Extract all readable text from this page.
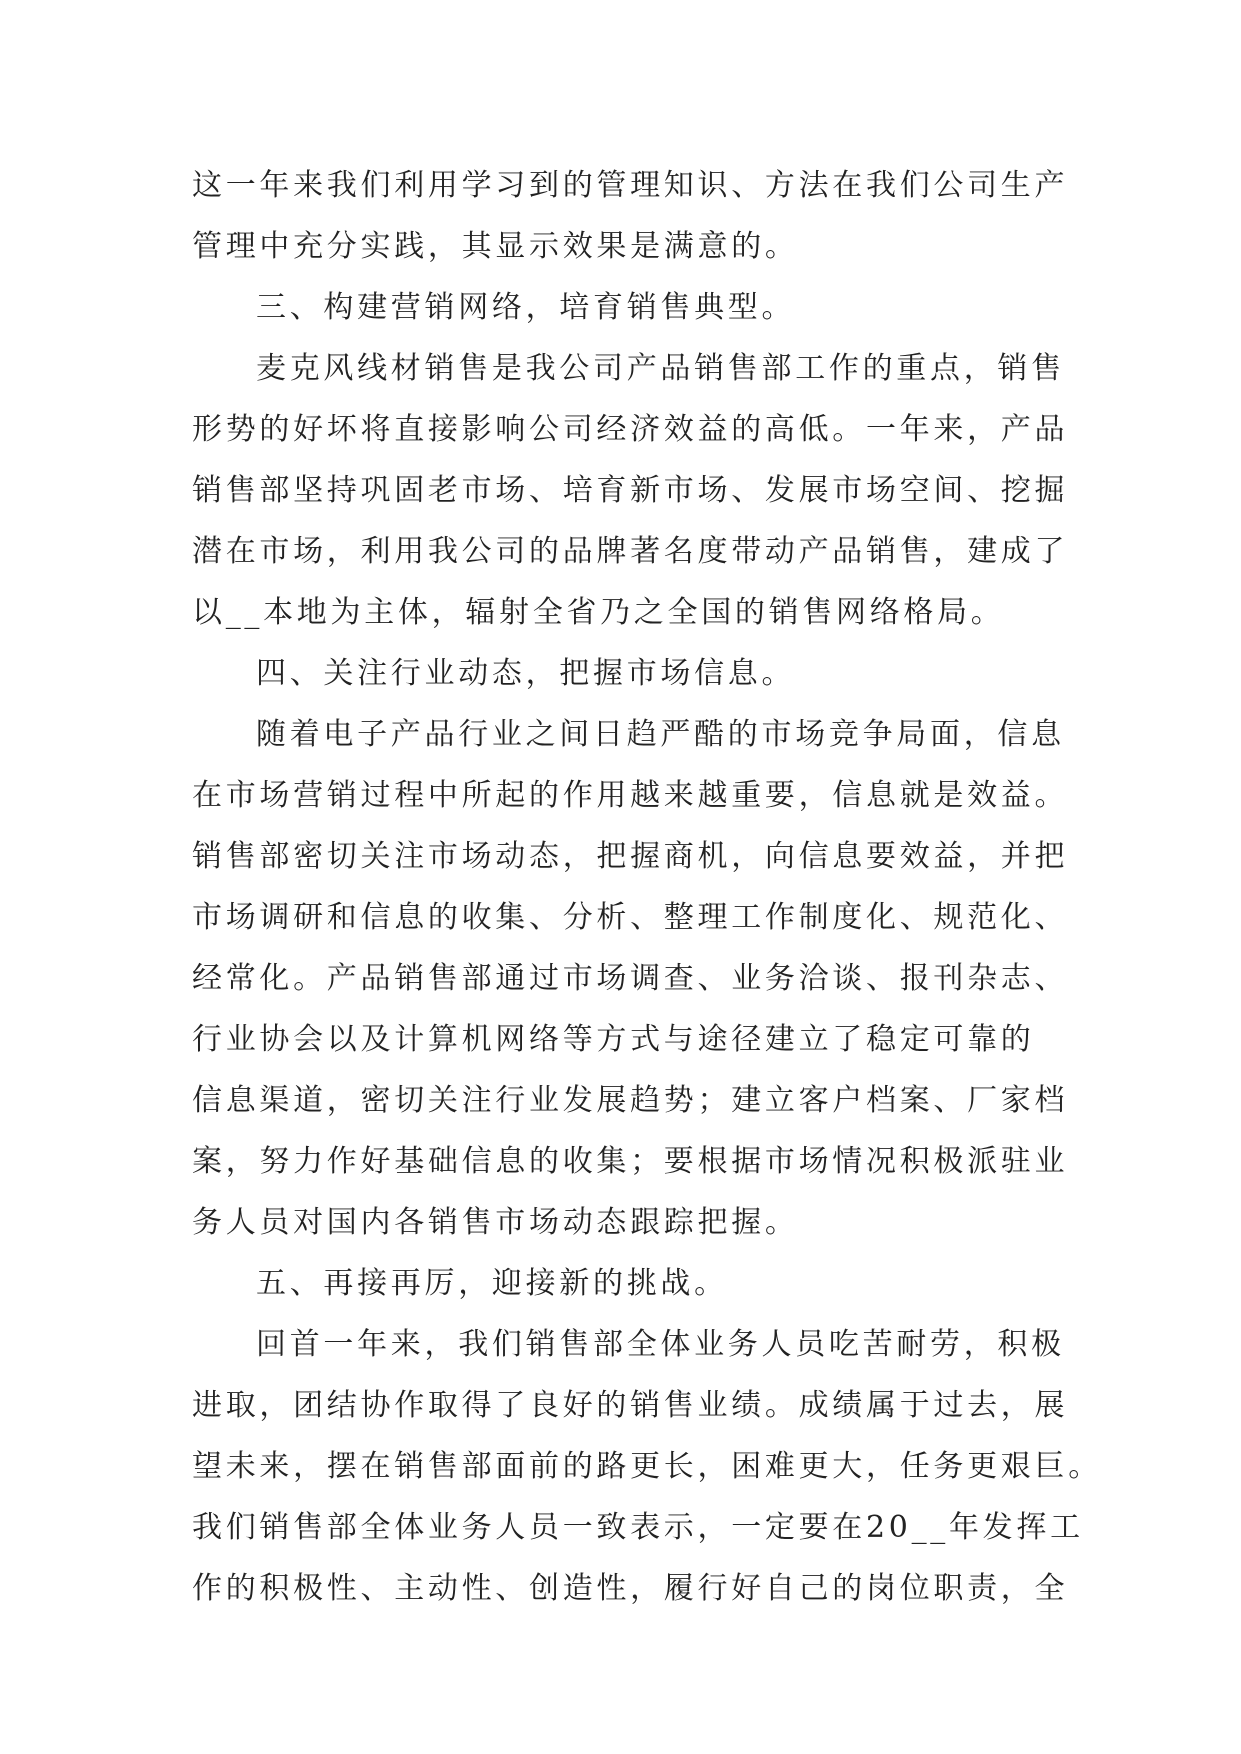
这一年来我们利用学习到的管理知识、方法在我们公司生产
管理中充分实践，其显示效果是满意的。
三、构建营销网络，培育销售典型。
麦克风线材销售是我公司产品销售部工作的重点，销售
形势的好坏将直接影响公司经济效益的高低。一年来，产品
销售部坚持巩固老市场、培育新市场、发展市场空间、挖掘
潜在市场，利用我公司的品牌著名度带动产品销售，建成了
以__本地为主体，辐射全省乃之全国的销售网络格局。
四、关注行业动态，把握市场信息。
随着电子产品行业之间日趋严酷的市场竞争局面，信息
在市场营销过程中所起的作用越来越重要，信息就是效益。
销售部密切关注市场动态，把握商机，向信息要效益，并把
市场调研和信息的收集、分析、整理工作制度化、规范化、
经常化。产品销售部通过市场调查、业务洽谈、报刊杂志、
行业协会以及计算机网络等方式与途径建立了稳定可靠的
信息渠道，密切关注行业发展趋势；建立客户档案、厂家档
案，努力作好基础信息的收集；要根据市场情况积极派驻业
务人员对国内各销售市场动态跟踪把握。
五、再接再厉，迎接新的挑战。
回首一年来，我们销售部全体业务人员吃苦耐劳，积极
进取，团结协作取得了良好的销售业绩。成绩属于过去，展
望未来，摆在销售部面前的路更长，困难更大，任务更艰巨。
我们销售部全体业务人员一致表示，一定要在20__年发挥工
作的积极性、主动性、创造性，履行好自己的岗位职责，全
